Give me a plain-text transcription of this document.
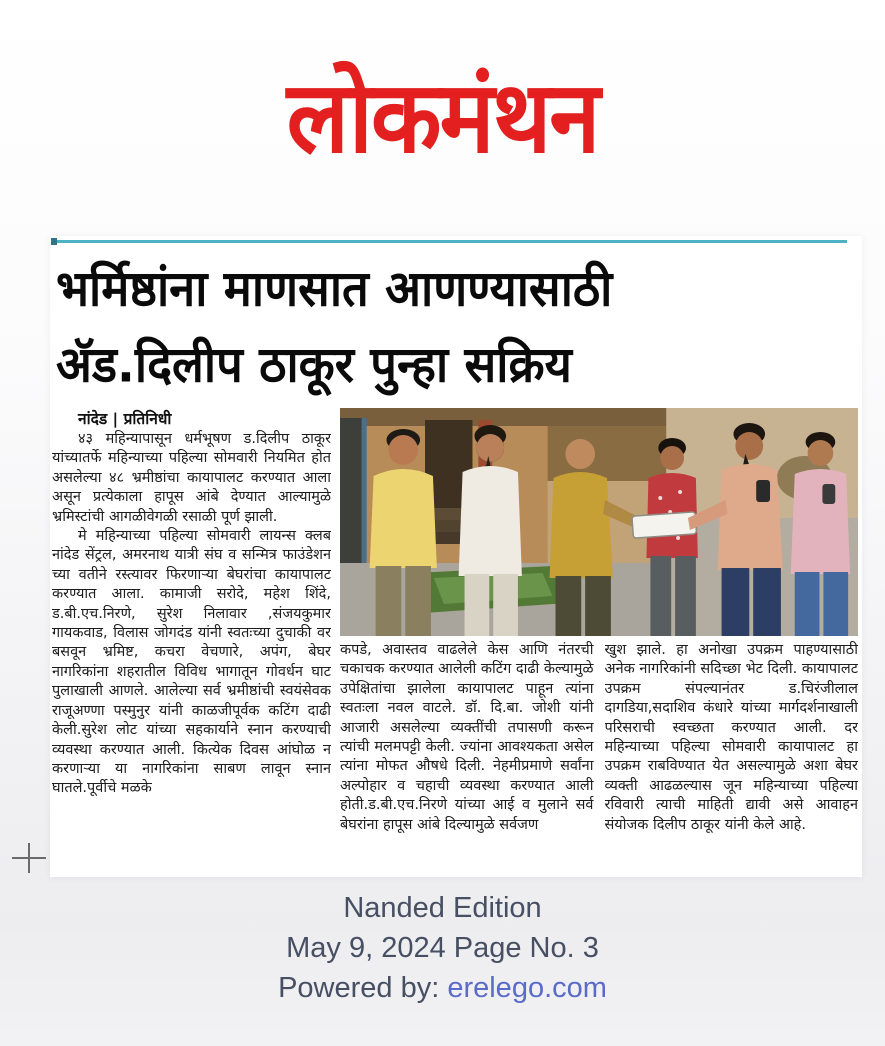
लोकमंथन
भर्मिष्ठांना माणसात आणण्यासाठी
ॲड.दिलीप ठाकूर पुन्हा सक्रिय
नांदेड | प्रतिनिधी
४३ महिन्यापासून धर्मभूषण ड.दिलीप ठाकूर यांच्यातर्फे महिन्याच्या पहिल्या सोमवारी नियमित होत असलेल्या ४८ भ्रमीष्ठांचा कायापालट करण्यात आला असून प्रत्येकाला हापूस आंबे देण्यात आल्यामुळे भ्रमिस्टांची आगळीवेगळी रसाळी पूर्ण झाली.
मे महिन्याच्या पहिल्या सोमवारी लायन्स क्लब नांदेड सेंट्रल, अमरनाथ यात्री संघ व सन्मित्र फाउंडेशन च्या वतीने रस्त्यावर फिरणाऱ्या बेघरांचा कायापालट करण्यात आला. कामाजी सरोदे, महेश शिंदे, ड.बी.एच.निरणे, सुरेश निलावार ,संजयकुमार गायकवाड, विलास जोगदंड यांनी स्वतःच्या दुचाकी वर बसवून भ्रमिष्ट, कचरा वेचणारे, अपंग, बेघर नागरिकांना शहरातील विविध भागातून गोवर्धन घाट पुलाखाली आणले. आलेल्या सर्व भ्रमीष्ठांची स्वयंसेवक राजूअण्णा पस्मुनुर यांनी काळजीपूर्वक कटिंग दाढी केली.सुरेश लोट यांच्या सहकार्याने स्नान करण्याची व्यवस्था करण्यात आली. कित्येक दिवस आंघोळ न करणाऱ्या या नागरिकांना साबण लावून स्नान घातले.पूर्वीचे मळके
कपडे, अवास्तव वाढलेले केस आणि नंतरची चकाचक करण्यात आलेली कटिंग दाढी केल्यामुळे उपेक्षितांचा झालेला कायापालट पाहून त्यांना स्वतःला नवल वाटले. डॉ. दि.बा. जोशी यांनी आजारी असलेल्या व्यक्तींची तपासणी करून त्यांची मलमपट्टी केली. ज्यांना आवश्यकता असेल त्यांना मोफत औषधे दिली. नेहमीप्रमाणे सर्वांना अल्पोहार व चहाची व्यवस्था करण्यात आली होती.ड.बी.एच.निरणे यांच्या आई व मुलाने सर्व बेघरांना हापूस आंबे दिल्यामुळे सर्वजण
खुश झाले. हा अनोखा उपक्रम पाहण्यासाठी अनेक नागरिकांनी सदिच्छा भेट दिली. कायापालट उपक्रम संपल्यानंतर ड.चिरंजीलाल दागडिया,सदाशिव कंधारे यांच्या मार्गदर्शनाखाली परिसराची स्वच्छता करण्यात आली. दर महिन्याच्या पहिल्या सोमवारी कायापालट हा उपक्रम राबविण्यात येत असल्यामुळे अशा बेघर व्यक्ती आढळल्यास जून महिन्याच्या पहिल्या रविवारी त्याची माहिती द्यावी असे आवाहन संयोजक दिलीप ठाकूर यांनी केले आहे.
Nanded Edition
May 9, 2024 Page No. 3
Powered by: erelego.com
